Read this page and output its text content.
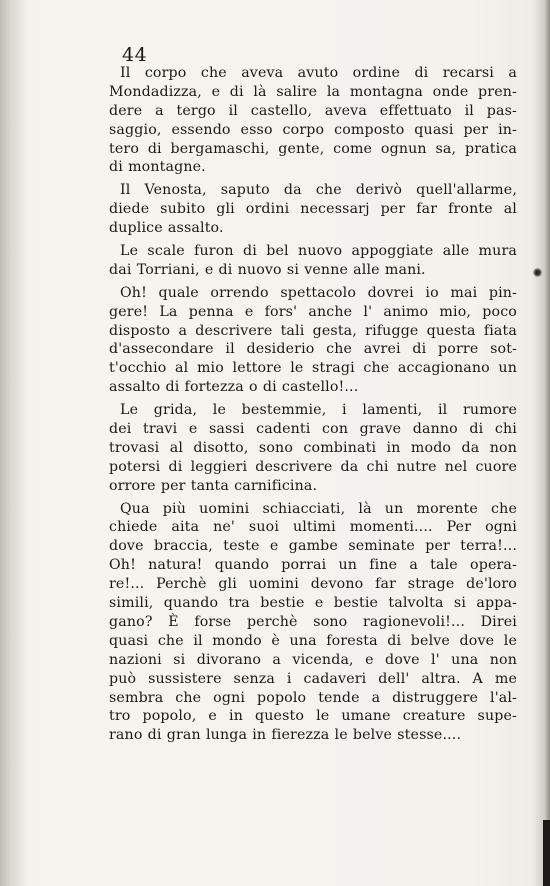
44
Il corpo che aveva avuto ordine di recarsi a
Mondadizza, e di là salire la montagna onde pren-
dere a tergo il castello, aveva effettuato il pas-
saggio, essendo esso corpo composto quasi per in-
tero di bergamaschi, gente, come ognun sa, pratica
di montagne.
Il Venosta, saputo da che derivò quell'allarme,
diede subito gli ordini necessarj per far fronte al
duplice assalto.
Le scale furon di bel nuovo appoggiate alle mura
dai Torriani, e di nuovo si venne alle mani.
Oh! quale orrendo spettacolo dovrei io mai pin-
gere! La penna e fors' anche l' animo mio, poco
disposto a descrivere tali gesta, rifugge questa fiata
d'assecondare il desiderio che avrei di porre sot-
t'occhio al mio lettore le stragi che accagionano un
assalto di fortezza o di castello!...
Le grida, le bestemmie, i lamenti, il rumore
dei travi e sassi cadenti con grave danno di chi
trovasi al disotto, sono combinati in modo da non
potersi di leggieri descrivere da chi nutre nel cuore
orrore per tanta carnificina.
Qua più uomini schiacciati, là un morente che
chiede aita ne' suoi ultimi momenti.... Per ogni
dove braccia, teste e gambe seminate per terra!...
Oh! natura! quando porrai un fine a tale opera-
re!... Perchè gli uomini devono far strage de'loro
simili, quando tra bestie e bestie talvolta si appa-
gano? È forse perchè sono ragionevoli!... Direi
quasi che il mondo è una foresta di belve dove le
nazioni si divorano a vicenda, e dove l' una non
può sussistere senza i cadaveri dell' altra. A me
sembra che ogni popolo tende a distruggere l'al-
tro popolo, e in questo le umane creature supe-
rano di gran lunga in fierezza le belve stesse....
